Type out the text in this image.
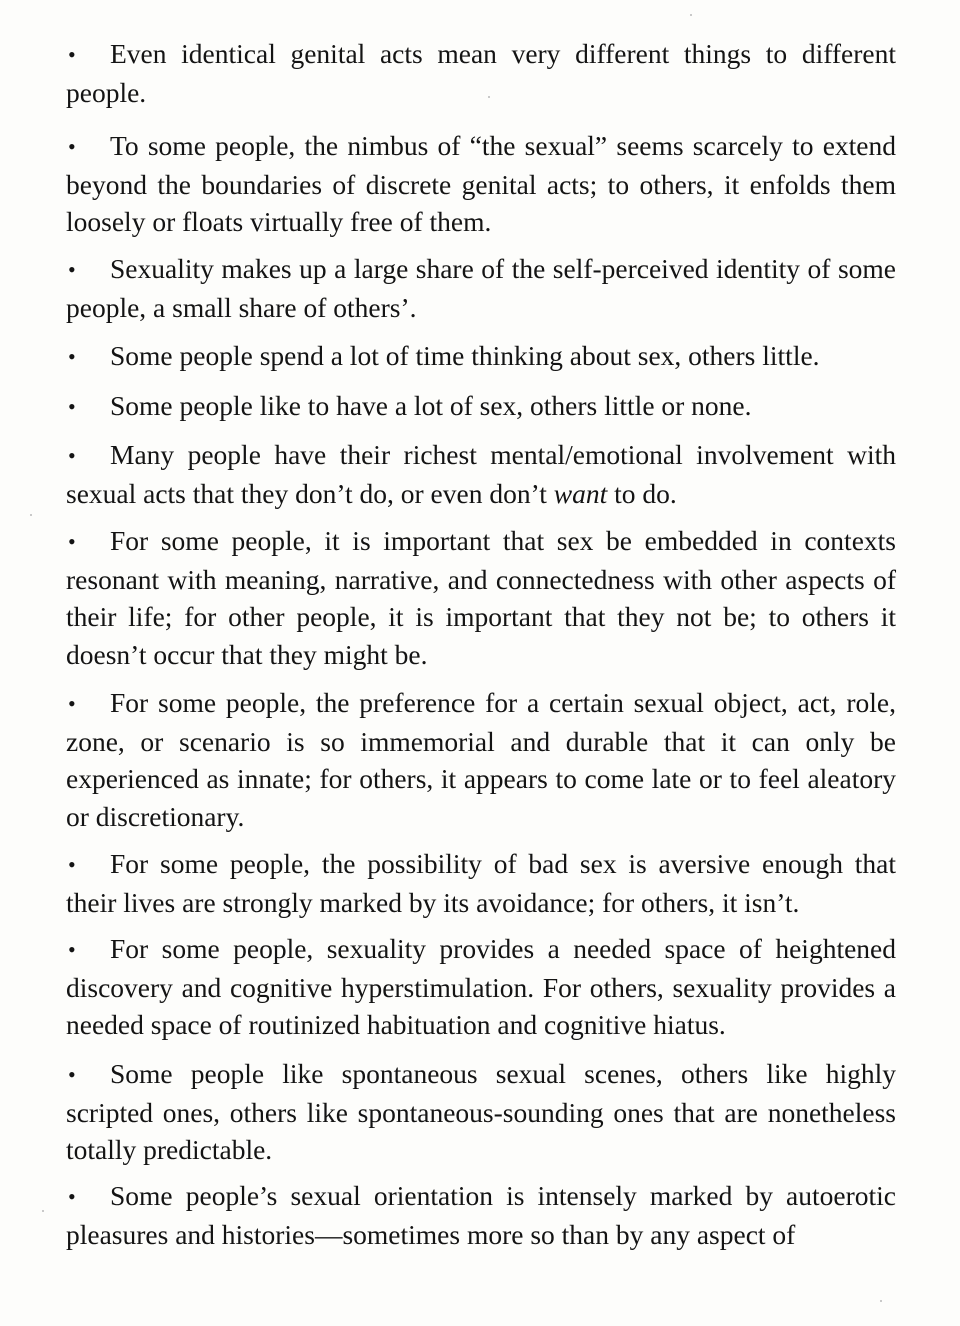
• Even identical genital acts mean very different things to different people.

• To some people, the nimbus of “the sexual” seems scarcely to extend beyond the boundaries of discrete genital acts; to others, it enfolds them loosely or floats virtually free of them.

• Sexuality makes up a large share of the self-perceived identity of some people, a small share of others’.

• Some people spend a lot of time thinking about sex, others little.

• Some people like to have a lot of sex, others little or none.

• Many people have their richest mental/emotional involvement with sexual acts that they don’t do, or even don’t want to do.

• For some people, it is important that sex be embedded in contexts resonant with meaning, narrative, and connectedness with other aspects of their life; for other people, it is important that they not be; to others it doesn’t occur that they might be.

• For some people, the preference for a certain sexual object, act, role, zone, or scenario is so immemorial and durable that it can only be experienced as innate; for others, it appears to come late or to feel aleatory or discretionary.

• For some people, the possibility of bad sex is aversive enough that their lives are strongly marked by its avoidance; for others, it isn’t.

• For some people, sexuality provides a needed space of heightened discovery and cognitive hyperstimulation. For others, sexuality provides a needed space of routinized habituation and cognitive hiatus.

• Some people like spontaneous sexual scenes, others like highly scripted ones, others like spontaneous-sounding ones that are nonetheless totally predictable.

• Some people’s sexual orientation is intensely marked by autoerotic pleasures and histories—sometimes more so than by any aspect of
